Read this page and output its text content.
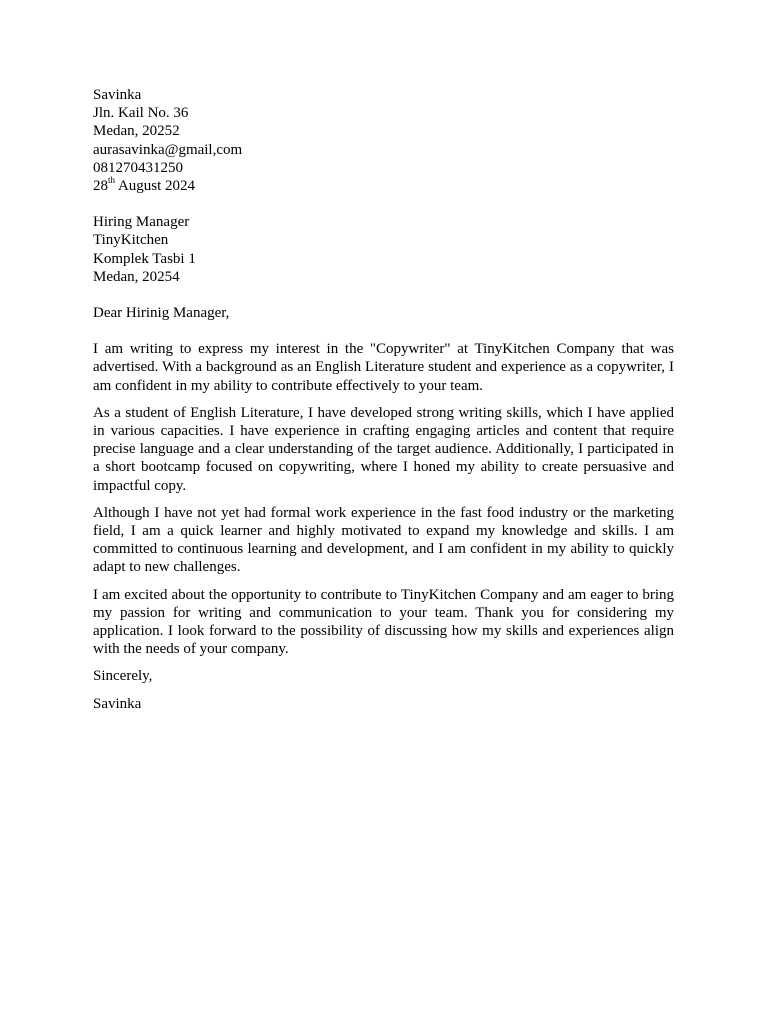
Savinka
Jln. Kail No. 36
Medan, 20252
aurasavinka@gmail,com
081270431250
28th August 2024
Hiring Manager
TinyKitchen
Komplek Tasbi 1
Medan, 20254

Dear Hirinig Manager,

I am writing to express my interest in the "Copywriter" at TinyKitchen Company that was advertised. With a background as an English Literature student and experience as a copywriter, I am confident in my ability to contribute effectively to your team.

As a student of English Literature, I have developed strong writing skills, which I have applied in various capacities. I have experience in crafting engaging articles and content that require precise language and a clear understanding of the target audience. Additionally, I participated in a short bootcamp focused on copywriting, where I honed my ability to create persuasive and impactful copy.

Although I have not yet had formal work experience in the fast food industry or the marketing field, I am a quick learner and highly motivated to expand my knowledge and skills. I am committed to continuous learning and development, and I am confident in my ability to quickly adapt to new challenges.

I am excited about the opportunity to contribute to TinyKitchen Company and am eager to bring my passion for writing and communication to your team. Thank you for considering my application. I look forward to the possibility of discussing how my skills and experiences align with the needs of your company.

Sincerely,

Savinka
